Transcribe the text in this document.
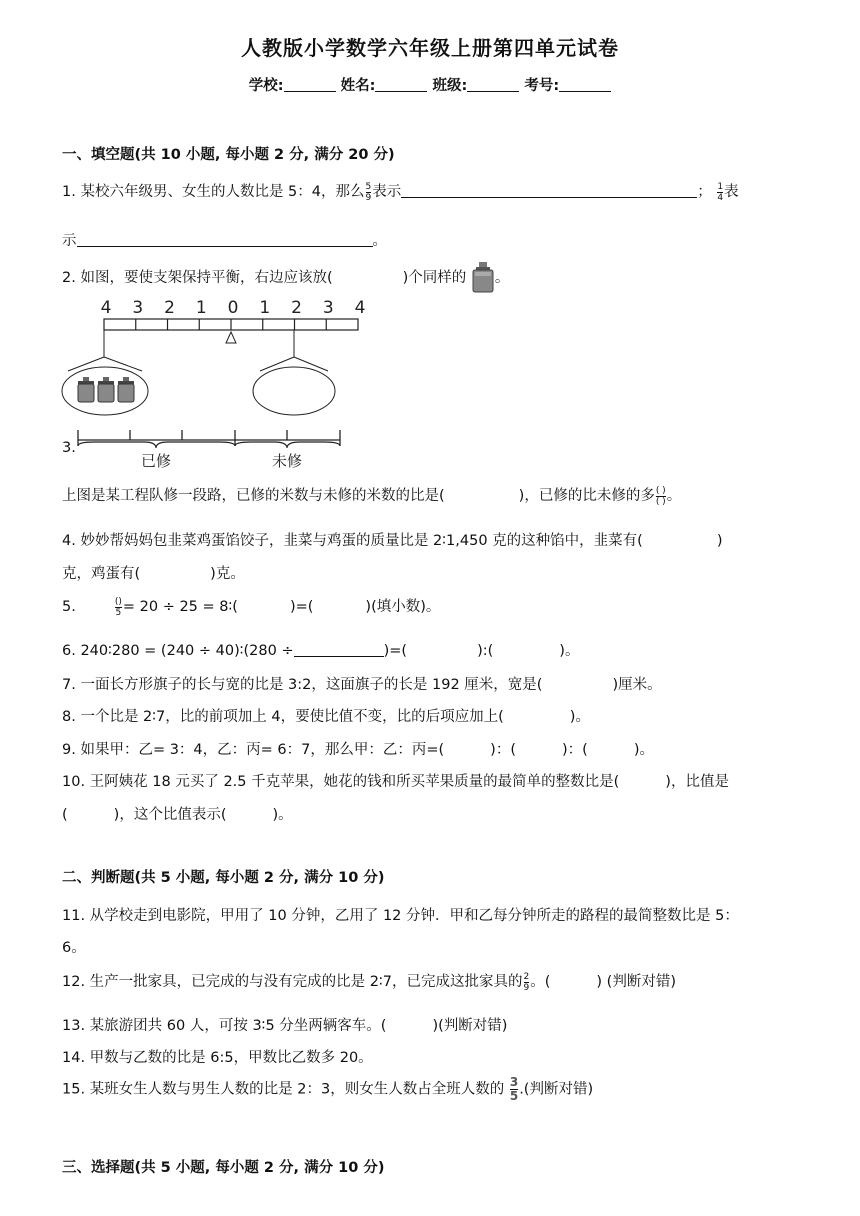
人教版小学数学六年级上册第四单元试卷
学校:	姓名:	班级:	考号:
一、填空题(共 10 小题, 每小题 2 分, 满分 20 分)
1. 某校六年级男、女生的人数比是 5：4，那么 $\frac{5}{9}$ 表示	； $\frac{1}{4}$ 表
示	。
2. 如图，要使支架保持平衡，右边应该放(	)个同样的 。
4 3 2 1 0 1 2 3 4
3.
已修	未修
上图是某工程队修一段路，已修的米数与未修的米数的比是(	)，已修的比未修的多 $\frac{( )}{( )}$ 。
4. 妙妙帮妈妈包韭菜鸡蛋馅饺子，韭菜与鸡蛋的质量比是 2∶1,450 克的这种馅中，韭菜有(	)
克，鸡蛋有(	)克。
5.	$\frac{()}{5} = 20 \div 25$ = 8∶(	)=(	)(填小数)。
6. 240∶280 = (240 ÷ 40)∶(280 ÷	)=(	):(	)。
7. 一面长方形旗子的长与宽的比是 3:2，这面旗子的长是 192 厘米，宽是(	)厘米。
8. 一个比是 2∶7，比的前项加上 4，要使比值不变，比的后项应加上(	)。
9. 如果甲：乙= 3：4，乙：丙= 6：7，那么甲：乙：丙=(	)：(	)：(	)。
10. 王阿姨花 18 元买了 2.5 千克苹果，她花的钱和所买苹果质量的最简单的整数比是(	)，比值是
(	)，这个比值表示(	)。
二、判断题(共 5 小题, 每小题 2 分, 满分 10 分)
11. 从学校走到电影院，甲用了 10 分钟，乙用了 12 分钟．甲和乙每分钟所走的路程的最简整数比是 5：
6。
12. 生产一批家具，已完成的与没有完成的比是 2∶7，已完成这批家具的 $\frac{2}{9}$ 。(	) (判断对错)
13. 某旅游团共 60 人，可按 3∶5 分坐两辆客车。(	)(判断对错)
14. 甲数与乙数的比是 6:5，甲数比乙数多 20。
15. 某班女生人数与男生人数的比是 2：3，则女生人数占全班人数的 $\frac{3}{5}$ .(判断对错)
三、选择题(共 5 小题, 每小题 2 分, 满分 10 分)
